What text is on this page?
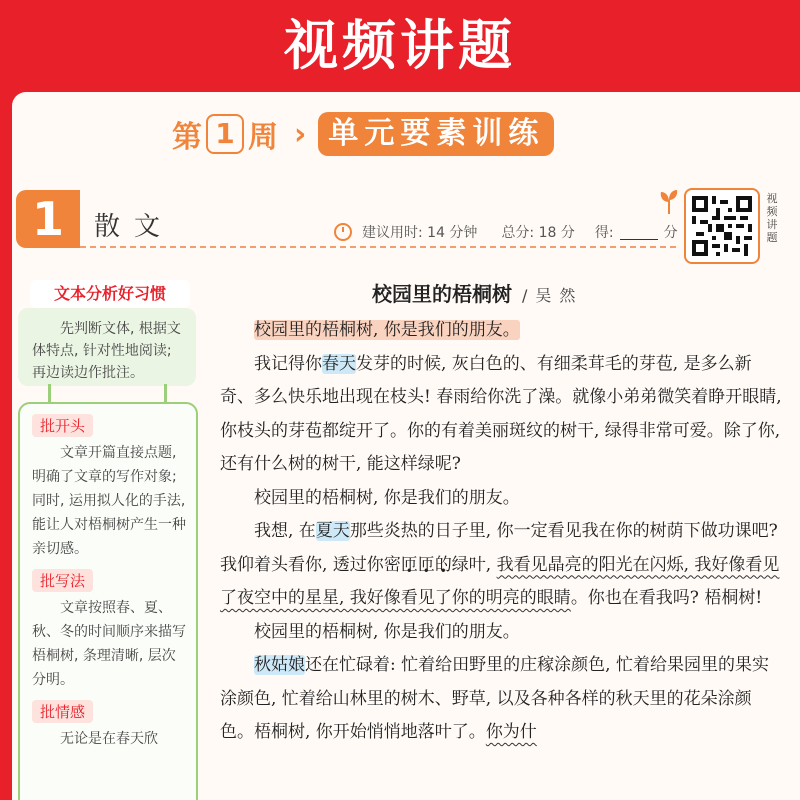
视频讲题
第 1 周 › 单元要素训练
1	散文	建议用时: 14 分钟 总分: 18 分 得:	分
视频讲题
文本分析好习惯
先判断文体, 根据文体特点, 针对性地阅读; 再边读边作批注。
批开头

文章开篇直接点题, 明确了文章的写作对象; 同时, 运用拟人化的手法, 能让人对梧桐树产生一种亲切感。

批写法

文章按照春、夏、秋、冬的时间顺序来描写梧桐树, 条理清晰, 层次分明。

批情感

无论是在春天欣

校园里的梧桐树 /吴然

校园里的梧桐树, 你是我们的朋友。

我记得你春天发芽的时候, 灰白色的、有细柔茸毛的芽苞, 是多么新奇、多么快乐地出现在枝头! 春雨给你洗了澡。就像小弟弟微笑着睁开眼睛, 你枝头的芽苞都绽开了。你的有着美丽斑纹的树干, 绿得非常可爱。除了你, 还有什么树的树干, 能这样绿呢?

校园里的梧桐树, 你是我们的朋友。

我想, 在夏天那些炎热的日子里, 你一定看见我在你的树荫下做功课吧? 我仰着头看你, 透过你密匝匝的绿叶, 我看见晶亮的阳光在闪烁, 我好像看见了夜空中的星星, 我好像看见了你的明亮的眼睛。你也在看我吗? 梧桐树!

校园里的梧桐树, 你是我们的朋友。

秋姑娘还在忙碌着: 忙着给田野里的庄稼涂颜色, 忙着给果园里的果实涂颜色, 忙着给山林里的树木、野草, 以及各种各样的秋天里的花朵涂颜色。梧桐树, 你开始悄悄地落叶了。你为什
